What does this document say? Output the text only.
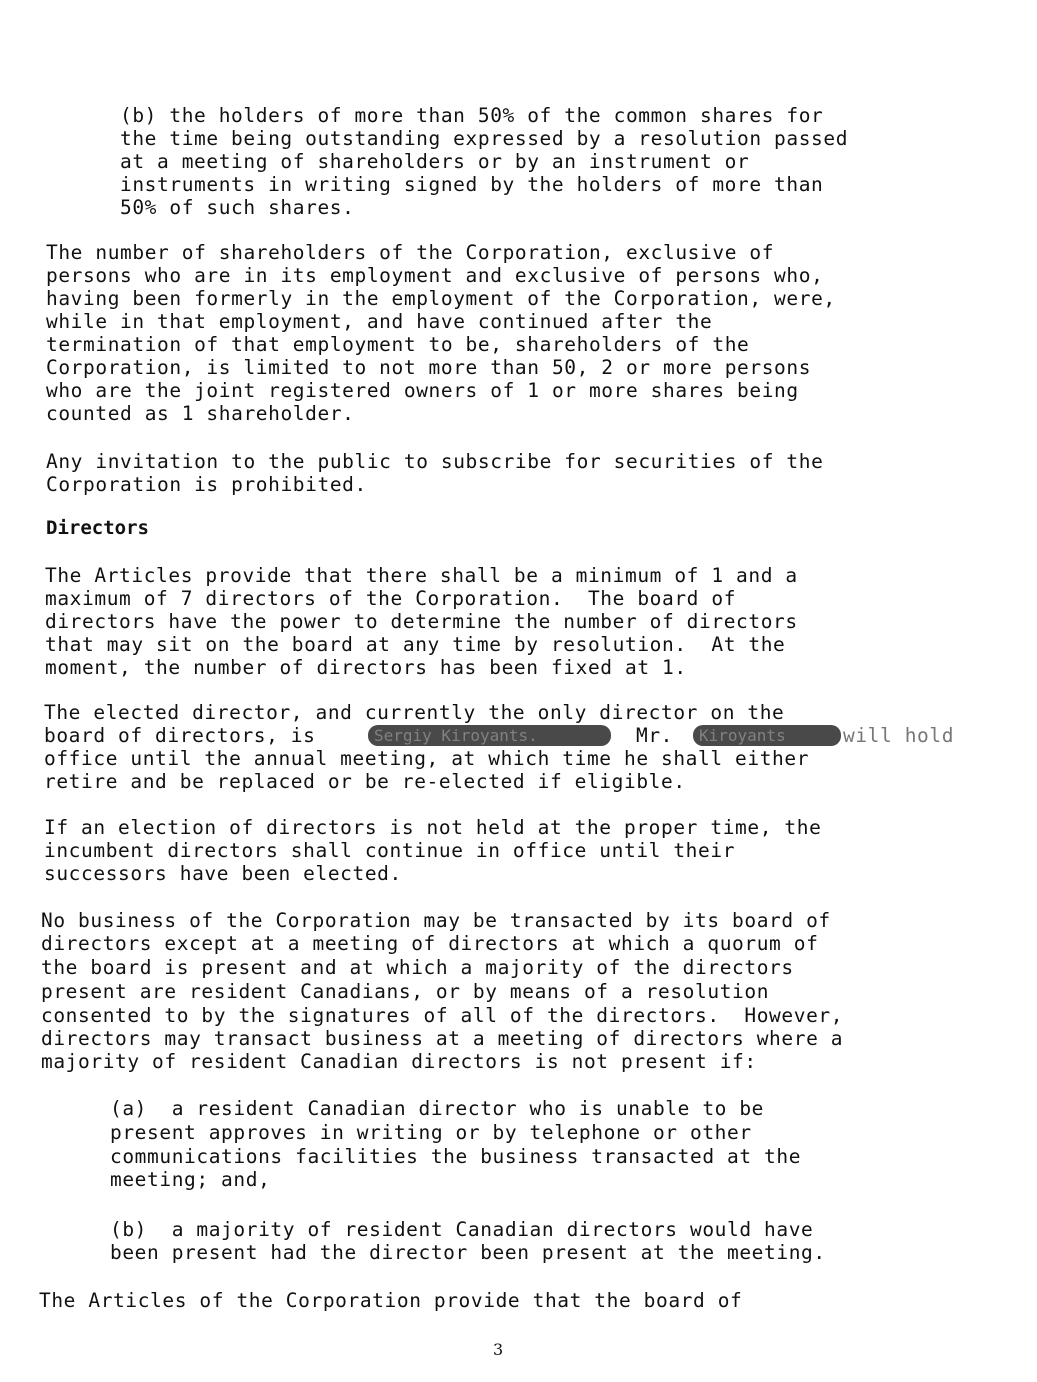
(b) the holders of more than 50% of the common shares for
the time being outstanding expressed by a resolution passed
at a meeting of shareholders or by an instrument or
instruments in writing signed by the holders of more than
50% of such shares.
The number of shareholders of the Corporation, exclusive of
persons who are in its employment and exclusive of persons who,
having been formerly in the employment of the Corporation, were,
while in that employment, and have continued after the
termination of that employment to be, shareholders of the
Corporation, is limited to not more than 50, 2 or more persons
who are the joint registered owners of 1 or more shares being
counted as 1 shareholder.
Any invitation to the public to subscribe for securities of the
Corporation is prohibited.
Directors
The Articles provide that there shall be a minimum of 1 and a
maximum of 7 directors of the Corporation.  The board of
directors have the power to determine the number of directors
that may sit on the board at any time by resolution.  At the
moment, the number of directors has been fixed at 1.
The elected director, and currently the only director on the
board of directors, is	Sergiy Kiroyants.	Mr. Kiroyants	will hold
office until the annual meeting, at which time he shall either
retire and be replaced or be re-elected if eligible.
If an election of directors is not held at the proper time, the
incumbent directors shall continue in office until their
successors have been elected.
No business of the Corporation may be transacted by its board of
directors except at a meeting of directors at which a quorum of
the board is present and at which a majority of the directors
present are resident Canadians, or by means of a resolution
consented to by the signatures of all of the directors.  However,
directors may transact business at a meeting of directors where a
majority of resident Canadian directors is not present if:
(a)  a resident Canadian director who is unable to be
present approves in writing or by telephone or other
communications facilities the business transacted at the
meeting; and,
(b)  a majority of resident Canadian directors would have
been present had the director been present at the meeting.
The Articles of the Corporation provide that the board of
3
